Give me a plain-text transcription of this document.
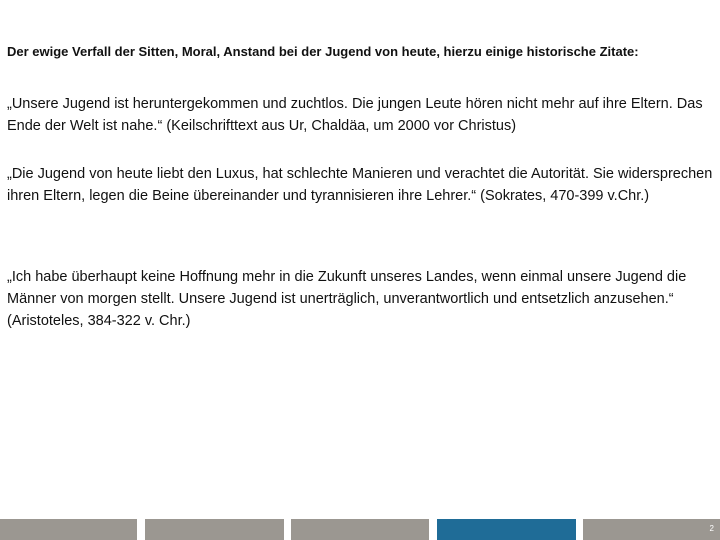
Der ewige Verfall der Sitten, Moral, Anstand bei der Jugend von heute, hierzu einige historische Zitate:
„Unsere Jugend ist heruntergekommen und zuchtlos. Die jungen Leute hören nicht mehr auf ihre Eltern. Das Ende der Welt ist nahe.“ (Keilschrifttext aus Ur, Chaldäa, um 2000 vor Christus)
„Die Jugend von heute liebt den Luxus, hat schlechte Manieren und verachtet die Autorität. Sie widersprechen ihren Eltern, legen die Beine übereinander und tyrannisieren ihre Lehrer.“ (Sokrates, 470-399 v.Chr.)
„Ich habe überhaupt keine Hoffnung mehr in die Zukunft unseres Landes, wenn einmal unsere Jugend die Männer von morgen stellt. Unsere Jugend ist unerträglich, unverantwortlich und entsetzlich anzusehen.“ (Aristoteles, 384-322 v. Chr.)
2
